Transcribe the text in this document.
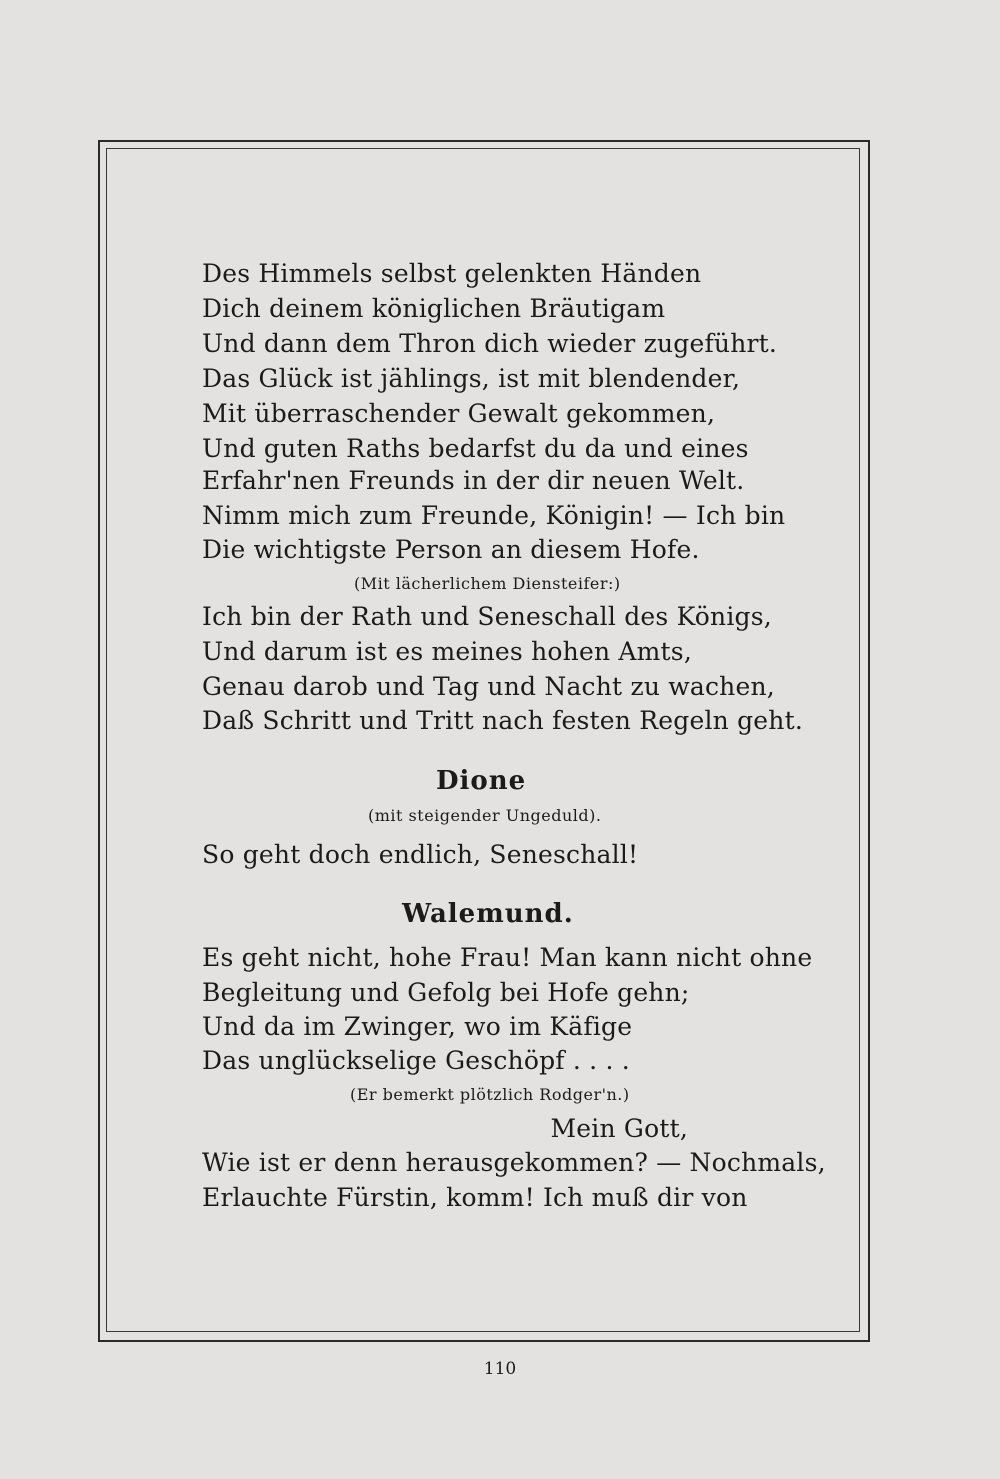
Des Himmels selbst gelenkten Händen
Dich deinem königlichen Bräutigam
Und dann dem Thron dich wieder zugeführt.
Das Glück ist jählings, ist mit blendender,
Mit überraschender Gewalt gekommen,
Und guten Raths bedarfst du da und eines
Erfahr'nen Freunds in der dir neuen Welt.
Nimm mich zum Freunde, Königin! — Ich bin
Die wichtigste Person an diesem Hofe.
(Mit lächerlichem Diensteifer:)
Ich bin der Rath und Seneschall des Königs,
Und darum ist es meines hohen Amts,
Genau darob und Tag und Nacht zu wachen,
Daß Schritt und Tritt nach festen Regeln geht.
Dione
(mit steigender Ungeduld).
So geht doch endlich, Seneschall!
Walemund.
Es geht nicht, hohe Frau! Man kann nicht ohne
Begleitung und Gefolg bei Hofe gehn;
Und da im Zwinger, wo im Käfige
Das unglückselige Geschöpf . . . .
(Er bemerkt plötzlich Rodger'n.)
Mein Gott,
Wie ist er denn herausgekommen? — Nochmals,
Erlauchte Fürstin, komm! Ich muß dir von
110
